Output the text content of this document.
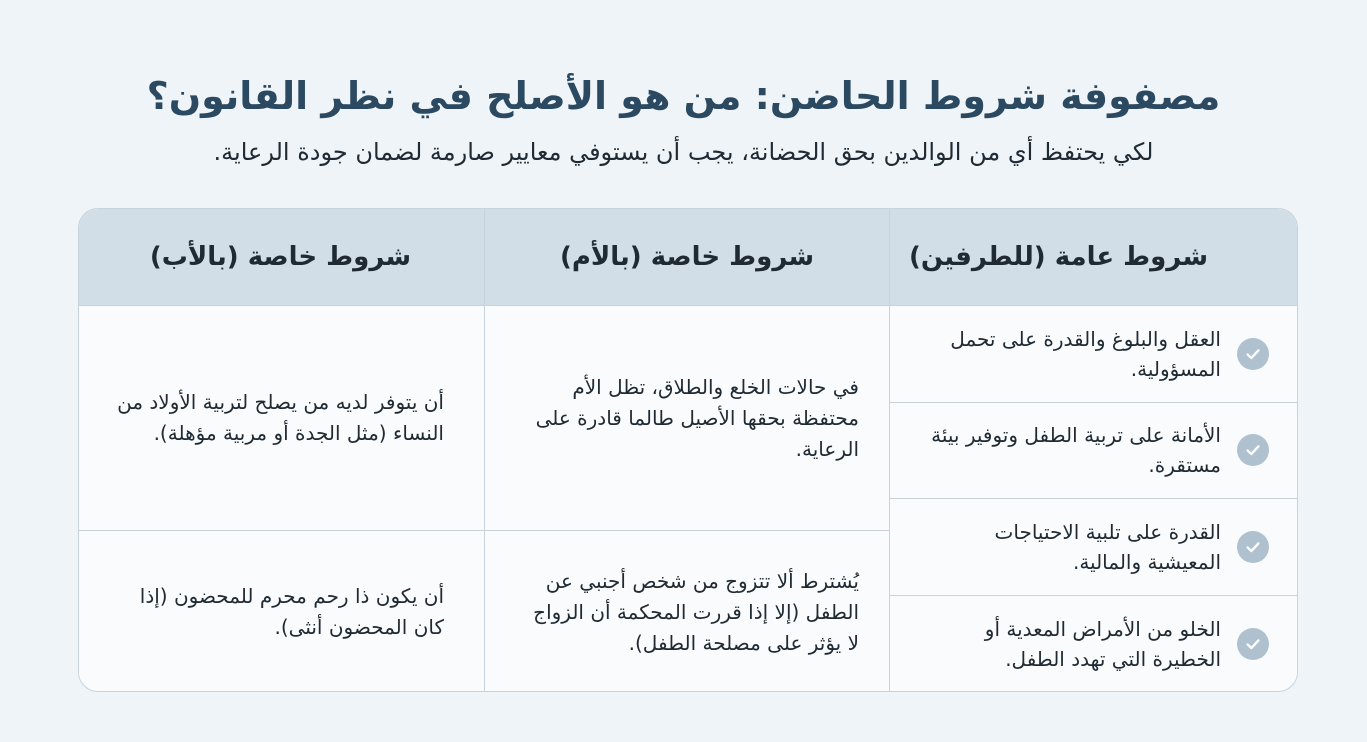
مصفوفة شروط الحاضن: من هو الأصلح في نظر القانون؟

لكي يحتفظ أي من الوالدين بحق الحضانة، يجب أن يستوفي معايير صارمة لضمان جودة الرعاية.

شروط عامة (للطرفين)
العقل والبلوغ والقدرة على تحمل المسؤولية.
الأمانة على تربية الطفل وتوفير بيئة مستقرة.
القدرة على تلبية الاحتياجات المعيشية والمالية.
الخلو من الأمراض المعدية أو الخطيرة التي تهدد الطفل.
شروط خاصة (بالأم)
في حالات الخلع والطلاق، تظل الأم محتفظة بحقها الأصيل طالما قادرة على الرعاية.
يُشترط ألا تتزوج من شخص أجنبي عن الطفل (إلا إذا قررت المحكمة أن الزواج لا يؤثر على مصلحة الطفل).
شروط خاصة (بالأب)
أن يتوفر لديه من يصلح لتربية الأولاد من النساء (مثل الجدة أو مربية مؤهلة).
أن يكون ذا رحم محرم للمحضون (إذا كان المحضون أنثى).
